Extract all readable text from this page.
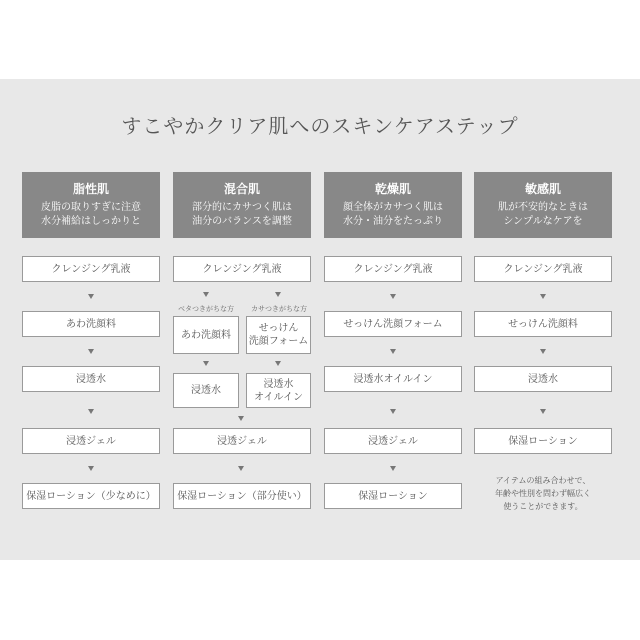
すこやかクリア肌へのスキンケアステップ
脂性肌
皮脂の取りすぎに注意
水分補給はしっかりと
混合肌
部分的にカサつく肌は
油分のバランスを調整
乾燥肌
顔全体がカサつく肌は
水分・油分をたっぷり
敏感肌
肌が不安的なときは
シンプルなケアを
クレンジング乳液
あわ洗顔料
浸透水
浸透ジェル
保湿ローション（少なめに）
クレンジング乳液
ベタつきがちな方	カサつきがちな方
あわ洗顔料
せっけん
洗顔フォーム
浸透水
浸透水
オイルイン
浸透ジェル
保湿ローション（部分使い）
クレンジング乳液
せっけん洗顔フォーム
浸透水オイルイン
浸透ジェル
保湿ローション
クレンジング乳液
せっけん洗顔料
浸透水
保湿ローション
アイテムの組み合わせで、
年齢や性別を問わず幅広く
使うことができます。
